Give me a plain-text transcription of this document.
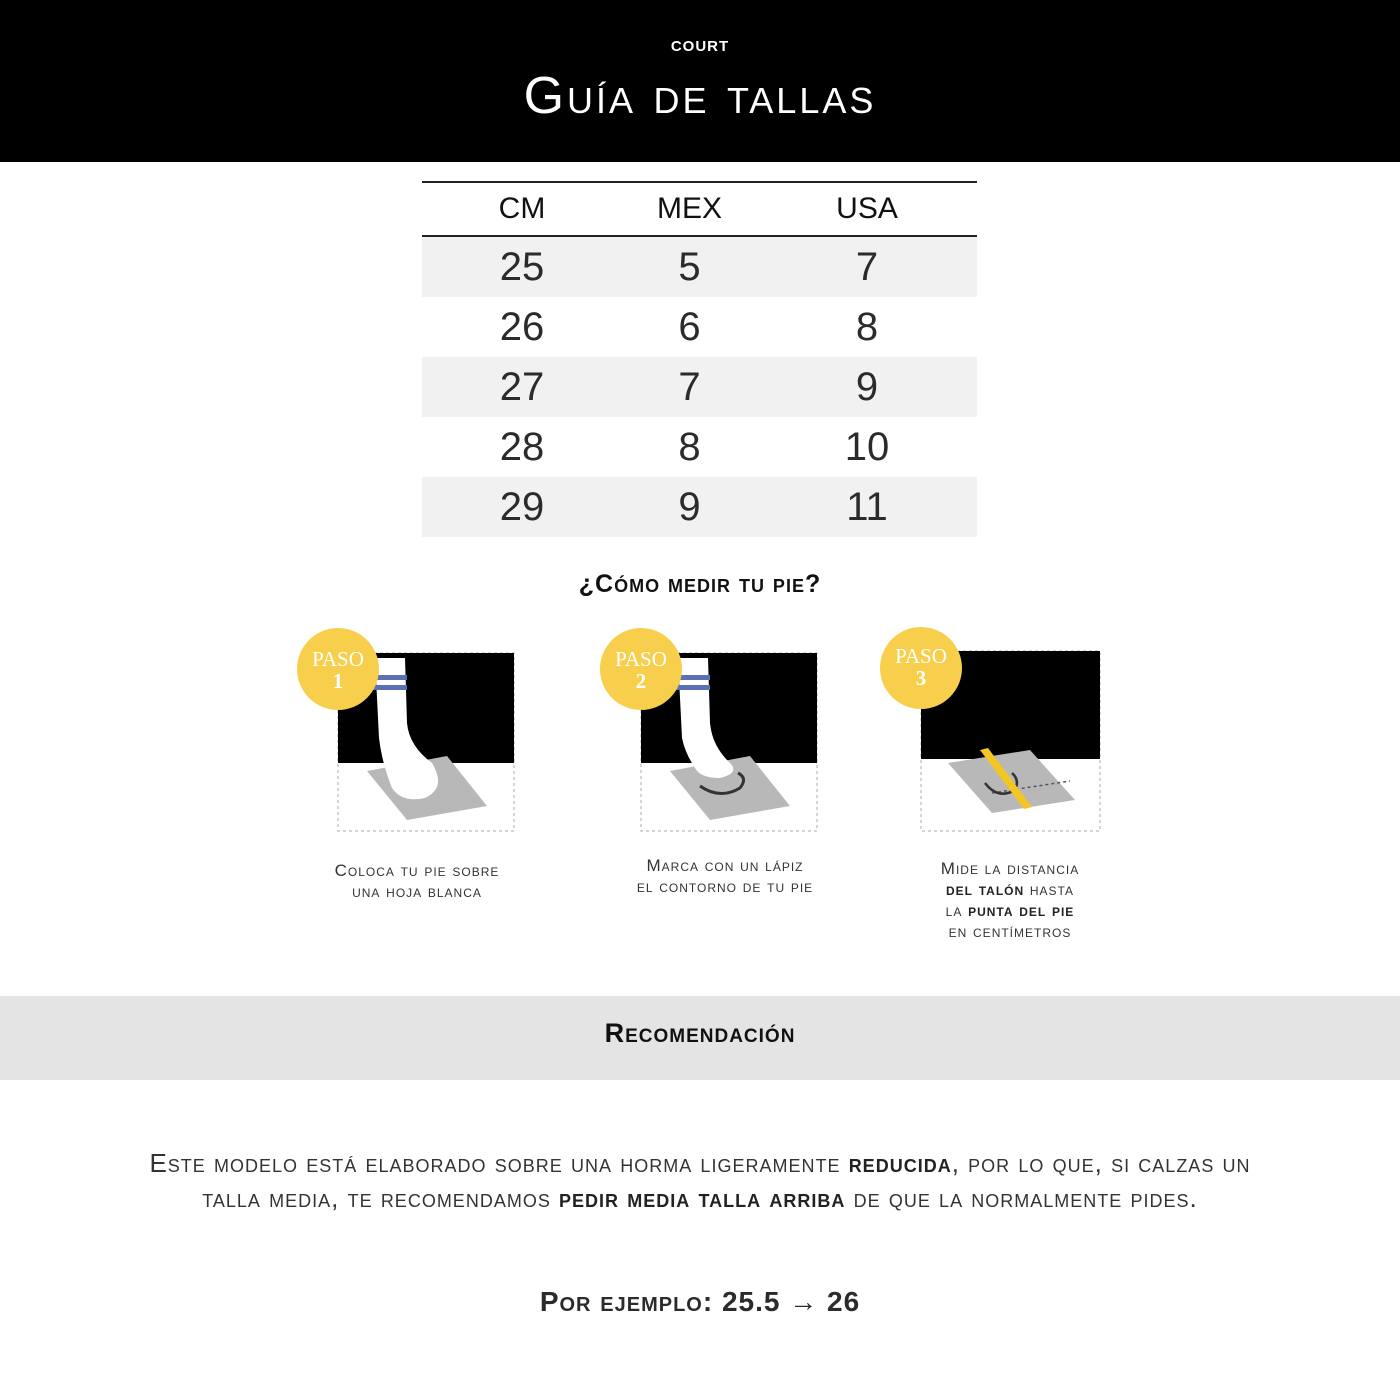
COURT
Guía de tallas
CM	MEX	USA
25	5	7
26	6	8
27	7	9
28	8	10
29	9	11
¿Cómo medir tu pie?
PASO
1
Coloca tu pie sobre
una hoja blanca
PASO
2
Marca con un lápiz
el contorno de tu pie
PASO
3
Mide la distancia
del talón hasta
la punta del pie
en centímetros
Recomendación
Este modelo está elaborado sobre una horma ligeramente reducida, por lo que, si calzas un talla media, te recomendamos pedir media talla arriba de que la normalmente pides.
Por ejemplo: 25.5 → 26
